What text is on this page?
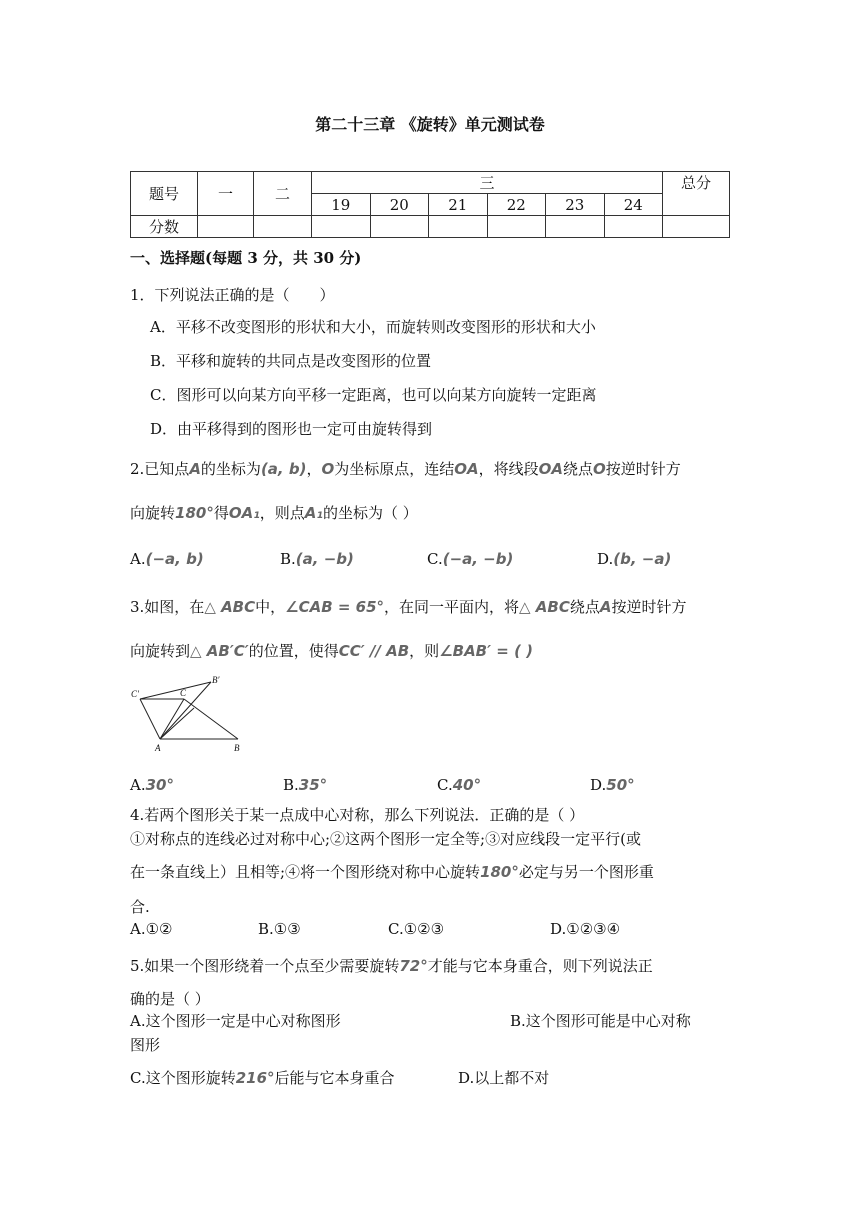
第二十三章 《旋转》单元测试卷
题号	一	二	三						总分
			19	20	21	22	23	24	
分数									
一、选择题(每题 3 分，共 30 分)
1．下列说法正确的是（　　）
A．平移不改变图形的形状和大小，而旋转则改变图形的形状和大小
B．平移和旋转的共同点是改变图形的位置
C．图形可以向某方向平移一定距离，也可以向某方向旋转一定距离
D．由平移得到的图形也一定可由旋转得到
2.已知点A的坐标为(a, b)，O为坐标原点，连结OA，将线段OA绕点O按逆时针方
向旋转180°得OA₁，则点A₁的坐标为（ ）
A.(−a, b)	B.(a, −b)	C.(−a, −b)	D.(b, −a)
3.如图，在△ ABC中，∠CAB = 65°，在同一平面内，将△ ABC绕点A按逆时针方
向旋转到△ AB′C′的位置，使得CC′ // AB，则∠BAB′ = ( )
C′	C
B′
A	B
A.30°	B.35°	C.40°	D.50°
4.若两个图形关于某一点成中心对称，那么下列说法．正确的是（ ）
①对称点的连线必过对称中心;②这两个图形一定全等;③对应线段一定平行(或
在一条直线上）且相等;④将一个图形绕对称中心旋转180°必定与另一个图形重
合.
A.①②	B.①③	C.①②③	D.①②③④
5.如果一个图形绕着一个点至少需要旋转72°才能与它本身重合，则下列说法正
确的是（ ）
A.这个图形一定是中心对称图形	B.这个图形可能是中心对称
图形
C.这个图形旋转216°后能与它本身重合	D.以上都不对
